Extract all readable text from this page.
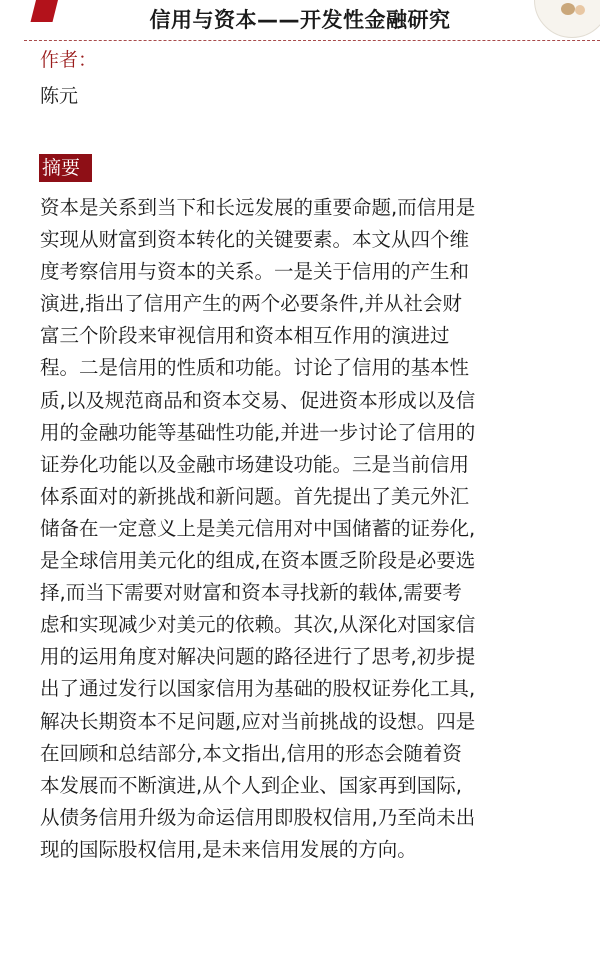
信用与资本——开发性金融研究
作者：
陈元
摘要
资本是关系到当下和长远发展的重要命题,而信用是
实现从财富到资本转化的关键要素。本文从四个维
度考察信用与资本的关系。一是关于信用的产生和
演进,指出了信用产生的两个必要条件,并从社会财
富三个阶段来审视信用和资本相互作用的演进过
程。二是信用的性质和功能。讨论了信用的基本性
质,以及规范商品和资本交易、促进资本形成以及信
用的金融功能等基础性功能,并进一步讨论了信用的
证券化功能以及金融市场建设功能。三是当前信用
体系面对的新挑战和新问题。首先提出了美元外汇
储备在一定意义上是美元信用对中国储蓄的证券化,
是全球信用美元化的组成,在资本匮乏阶段是必要选
择,而当下需要对财富和资本寻找新的载体,需要考
虑和实现减少对美元的依赖。其次,从深化对国家信
用的运用角度对解决问题的路径进行了思考,初步提
出了通过发行以国家信用为基础的股权证券化工具,
解决长期资本不足问题,应对当前挑战的设想。四是
在回顾和总结部分,本文指出,信用的形态会随着资
本发展而不断演进,从个人到企业、国家再到国际,
从债务信用升级为命运信用即股权信用,乃至尚未出
现的国际股权信用,是未来信用发展的方向。
